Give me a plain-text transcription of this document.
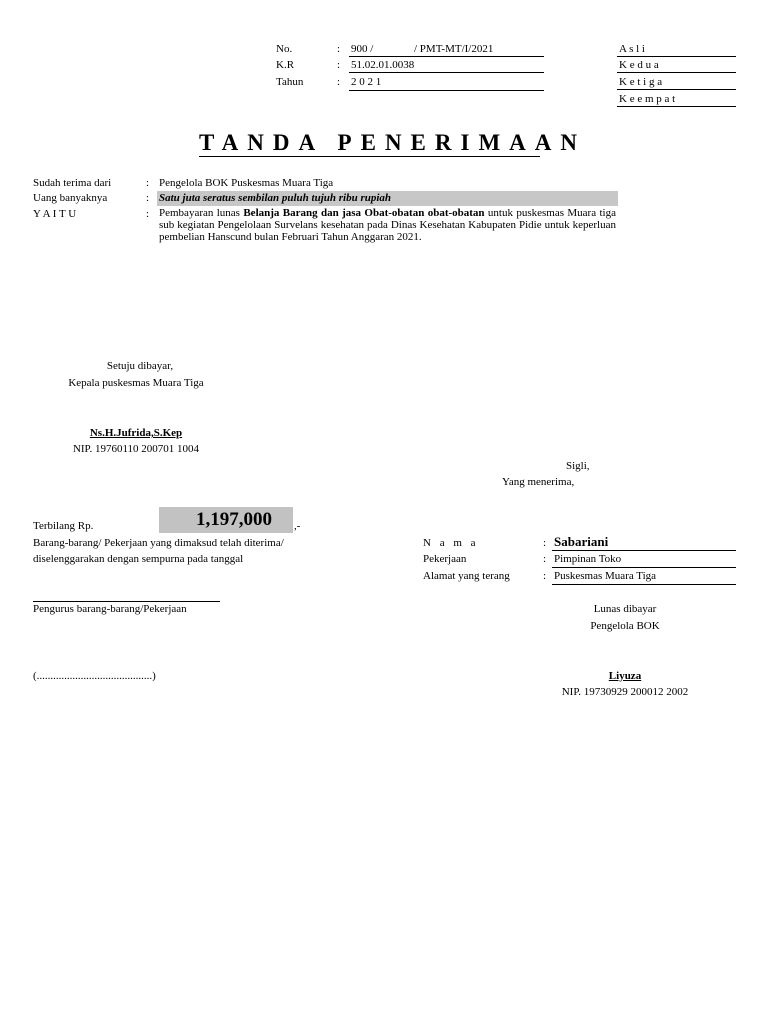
No.	: 900 /	/ PMT-MT/I/2021
K.R	: 51.02.01.0038
Tahun	: 2 0 2 1
A s l i
K e d u a
K e t i g a
K e e m p a t
TANDA PENERIMAAN
Sudah terima dari	: Pengelola BOK Puskesmas Muara Tiga
Uang banyaknya	: Satu juta seratus sembilan puluh tujuh ribu rupiah
Y A I T U	: Pembayaran lunas Belanja Barang dan jasa Obat-obatan obat-obatan untuk puskesmas Muara tiga sub kegiatan Pengelolaan Survelans kesehatan pada Dinas Kesehatan Kabupaten Pidie untuk keperluan pembelian Hanscund bulan Februari Tahun Anggaran 2021.
Setuju dibayar,
Kepala puskesmas Muara Tiga
Ns.H.Jufrida,S.Kep
NIP. 19760110 200701 1004
Sigli,
Yang menerima,
Terbilang Rp.	1,197,000 ,-
Barang-barang/ Pekerjaan yang dimaksud telah diterima/
diselenggarakan dengan sempurna pada tanggal
N a m a	: Sabariani
Pekerjaan	: Pimpinan Toko
Alamat yang terang	: Puskesmas Muara Tiga
Pengurus barang-barang/Pekerjaan
(..........................................)
Lunas dibayar
Pengelola BOK
Liyuza
NIP. 19730929 200012 2002
